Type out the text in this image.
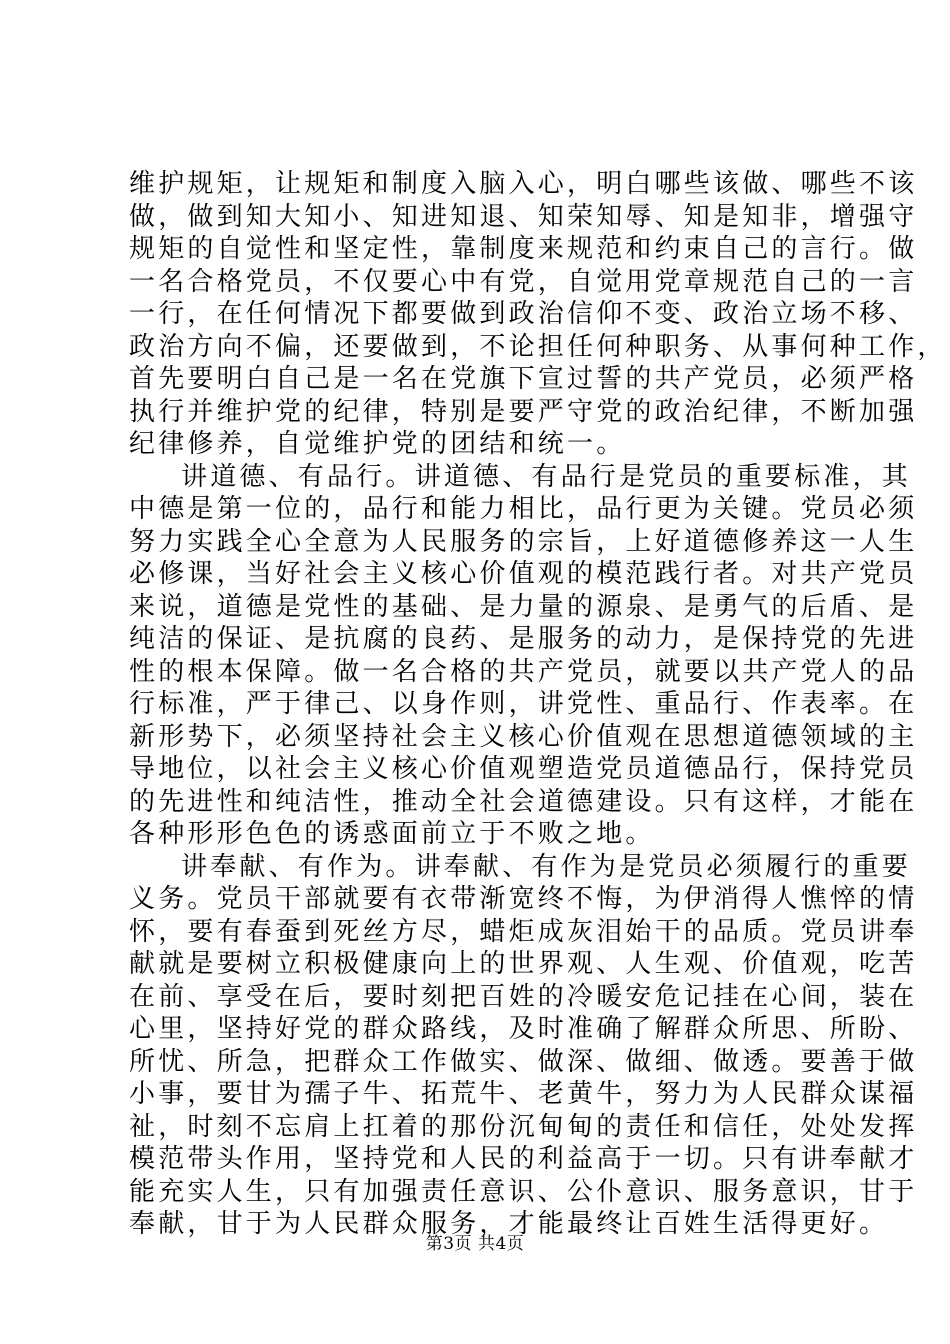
维护规矩，让规矩和制度入脑入心，明白哪些该做、哪些不该
做，做到知大知小、知进知退、知荣知辱、知是知非，增强守
规矩的自觉性和坚定性，靠制度来规范和约束自己的言行。做
一名合格党员，不仅要心中有党，自觉用党章规范自己的一言
一行，在任何情况下都要做到政治信仰不变、政治立场不移、
政治方向不偏，还要做到，不论担任何种职务、从事何种工作，
首先要明白自己是一名在党旗下宣过誓的共产党员，必须严格
执行并维护党的纪律，特别是要严守党的政治纪律，不断加强
纪律修养，自觉维护党的团结和统一。
讲道德、有品行。讲道德、有品行是党员的重要标准，其
中德是第一位的，品行和能力相比，品行更为关键。党员必须
努力实践全心全意为人民服务的宗旨，上好道德修养这一人生
必修课，当好社会主义核心价值观的模范践行者。对共产党员
来说，道德是党性的基础、是力量的源泉、是勇气的后盾、是
纯洁的保证、是抗腐的良药、是服务的动力，是保持党的先进
性的根本保障。做一名合格的共产党员，就要以共产党人的品
行标准，严于律己、以身作则，讲党性、重品行、作表率。在
新形势下，必须坚持社会主义核心价值观在思想道德领域的主
导地位，以社会主义核心价值观塑造党员道德品行，保持党员
的先进性和纯洁性，推动全社会道德建设。只有这样，才能在
各种形形色色的诱惑面前立于不败之地。
讲奉献、有作为。讲奉献、有作为是党员必须履行的重要
义务。党员干部就要有衣带渐宽终不悔，为伊消得人憔悴的情
怀，要有春蚕到死丝方尽，蜡炬成灰泪始干的品质。党员讲奉
献就是要树立积极健康向上的世界观、人生观、价值观，吃苦
在前、享受在后，要时刻把百姓的冷暖安危记挂在心间，装在
心里，坚持好党的群众路线，及时准确了解群众所思、所盼、
所忧、所急，把群众工作做实、做深、做细、做透。要善于做
小事，要甘为孺子牛、拓荒牛、老黄牛，努力为人民群众谋福
祉，时刻不忘肩上扛着的那份沉甸甸的责任和信任，处处发挥
模范带头作用，坚持党和人民的利益高于一切。只有讲奉献才
能充实人生，只有加强责任意识、公仆意识、服务意识，甘于
奉献，甘于为人民群众服务，才能最终让百姓生活得更好。
第3页 共4页
